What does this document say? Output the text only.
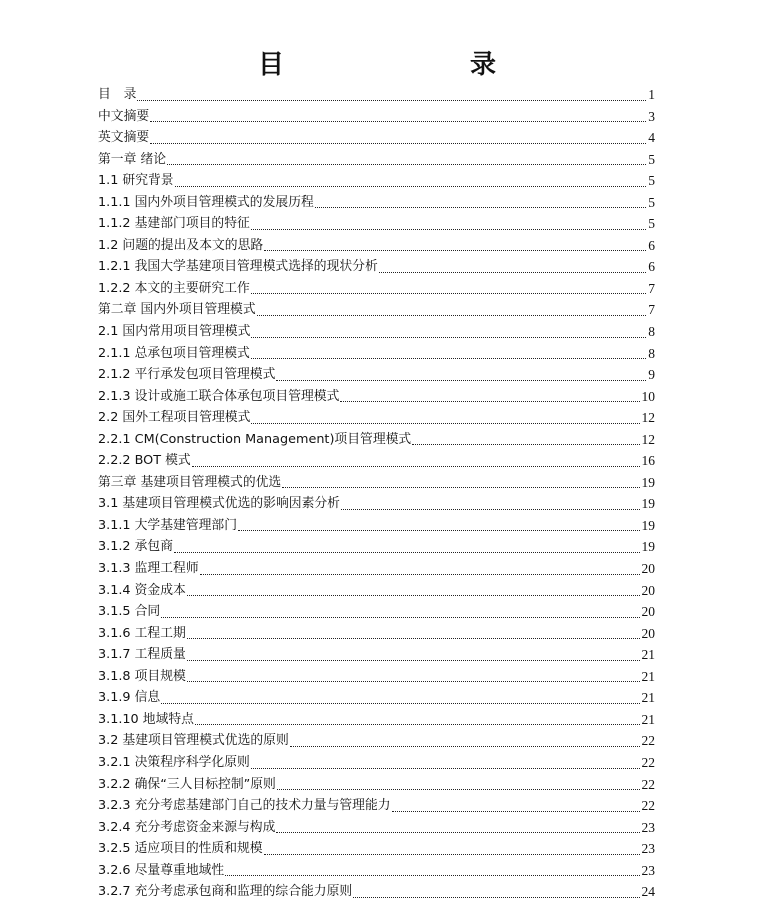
目	录
目　录	1
中文摘要	3
英文摘要	4
第一章 绪论	5
1.1 研究背景	5
1.1.1 国内外项目管理模式的发展历程	5
1.1.2 基建部门项目的特征	5
1.2 问题的提出及本文的思路	6
1.2.1 我国大学基建项目管理模式选择的现状分析	6
1.2.2 本文的主要研究工作	7
第二章 国内外项目管理模式	7
2.1 国内常用项目管理模式	8
2.1.1 总承包项目管理模式	8
2.1.2 平行承发包项目管理模式	9
2.1.3 设计或施工联合体承包项目管理模式	10
2.2 国外工程项目管理模式	12
2.2.1 CM(Construction Management)项目管理模式	12
2.2.2 BOT 模式	16
第三章 基建项目管理模式的优选	19
3.1 基建项目管理模式优选的影响因素分析	19
3.1.1 大学基建管理部门	19
3.1.2 承包商	19
3.1.3 监理工程师	20
3.1.4 资金成本	20
3.1.5 合同	20
3.1.6 工程工期	20
3.1.7 工程质量	21
3.1.8 项目规模	21
3.1.9 信息	21
3.1.10 地域特点	21
3.2 基建项目管理模式优选的原则	22
3.2.1 决策程序科学化原则	22
3.2.2 确保“三人目标控制”原则	22
3.2.3 充分考虑基建部门自己的技术力量与管理能力	22
3.2.4 充分考虑资金来源与构成	23
3.2.5 适应项目的性质和规模	23
3.2.6 尽量尊重地域性	23
3.2.7 充分考虑承包商和监理的综合能力原则	24
